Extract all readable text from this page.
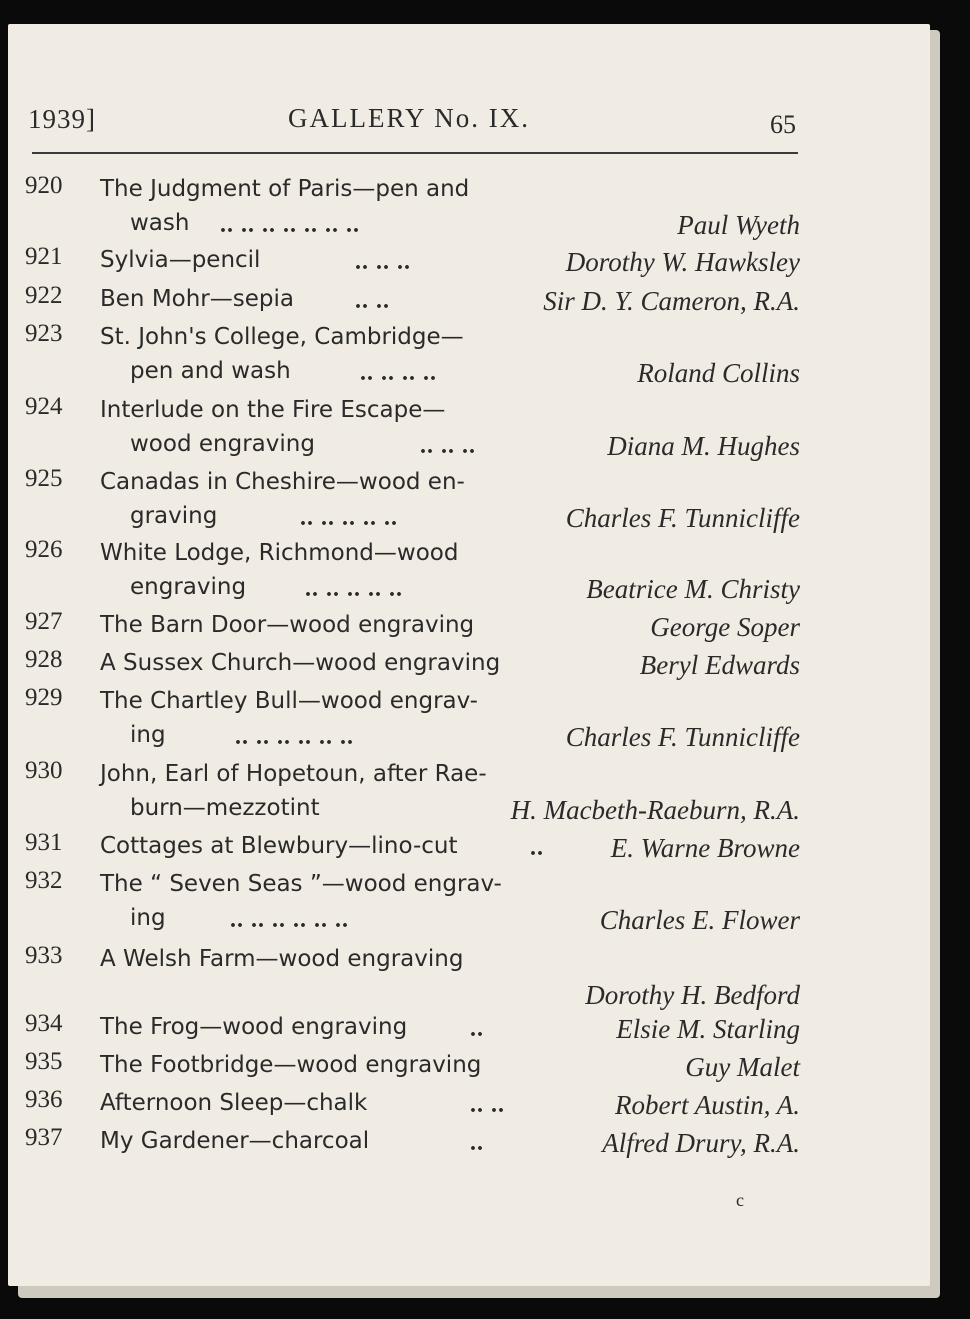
1939]	GALLERY No. IX.	65
920	The Judgment of Paris—pen and
wash .. .. .. .. .. .. ..	Paul Wyeth
921	Sylvia—pencil	.. .. ..	Dorothy W. Hawksley
922	Ben Mohr—sepia	.. ..	Sir D. Y. Cameron, R.A.
923	St. John's College, Cambridge—
pen and wash	.. .. .. ..	Roland Collins
924	Interlude on the Fire Escape—
wood engraving	.. .. ..	Diana M. Hughes
925	Canadas in Cheshire—wood en-
graving	.. .. .. .. ..	Charles F. Tunnicliffe
926	White Lodge, Richmond—wood
engraving .. .. .. .. ..	Beatrice M. Christy
927	The Barn Door—wood engraving	George Soper
928	A Sussex Church—wood engraving	Beryl Edwards
929	The Chartley Bull—wood engrav-
ing	.. .. .. .. .. ..	Charles F. Tunnicliffe
930	John, Earl of Hopetoun, after Rae-
burn—mezzotint	H. Macbeth-Raeburn, R.A.
931	Cottages at Blewbury—lino-cut	.. E. Warne Browne
932	The “ Seven Seas ”—wood engrav-
ing	.. .. .. .. .. ..	Charles E. Flower
933	A Welsh Farm—wood engraving
Dorothy H. Bedford
934	The Frog—wood engraving	..	Elsie M. Starling
935	The Footbridge—wood engraving	Guy Malet
936	Afternoon Sleep—chalk	.. ..	Robert Austin, A.
937	My Gardener—charcoal	..	Alfred Drury, R.A.
c
